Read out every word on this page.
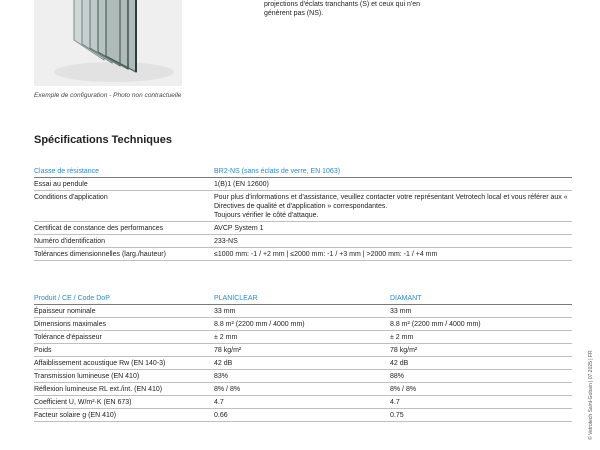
Exemple de configuration - Photo non contractuelle
projections d'éclats tranchants (S) et ceux qui n'en
génèrent pas (NS).
Spécifications Techniques
Classe de résistance	BR2-NS (sans éclats de verre, EN 1063)
Essai au pendule	1(B)1 (EN 12600)
Conditions d'application	Pour plus d'informations et d'assistance, veuillez contacter votre représentant Vetrotech local et vous référer aux « Directives de qualité et d'application » correspondantes.
Toujours vérifier le côté d'attaque.

Certificat de constance des performances	AVCP System 1
Numéro d'identification	233-NS
Tolérances dimensionnelles (larg./hauteur)	≤1000 mm: -1 / +2 mm | ≤2000 mm: -1 / +3 mm | >2000 mm: -1 / +4 mm
Produit / CE / Code DoP	PLANICLEAR	DIAMANT
Épaisseur nominale	33 mm	33 mm
Dimensions maximales	8.8 m² (2200 mm / 4000 mm)	8.8 m² (2200 mm / 4000 mm)
Tolérance d'épaisseur	± 2 mm	± 2 mm
Poids	78 kg/m²	78 kg/m²
Affaiblissement acoustique Rw (EN 140-3)	42 dB	42 dB
Transmission lumineuse (EN 410)	83%	88%
Réflexion lumineuse RL ext./int. (EN 410)	8% / 8%	8% / 8%
Coefficient U, W/m²·K (EN 673)	4.7	4.7
Facteur solaire g (EN 410)	0.66	0.75	© Vetrotech Saint-Gobain | 07.2025 | FR
